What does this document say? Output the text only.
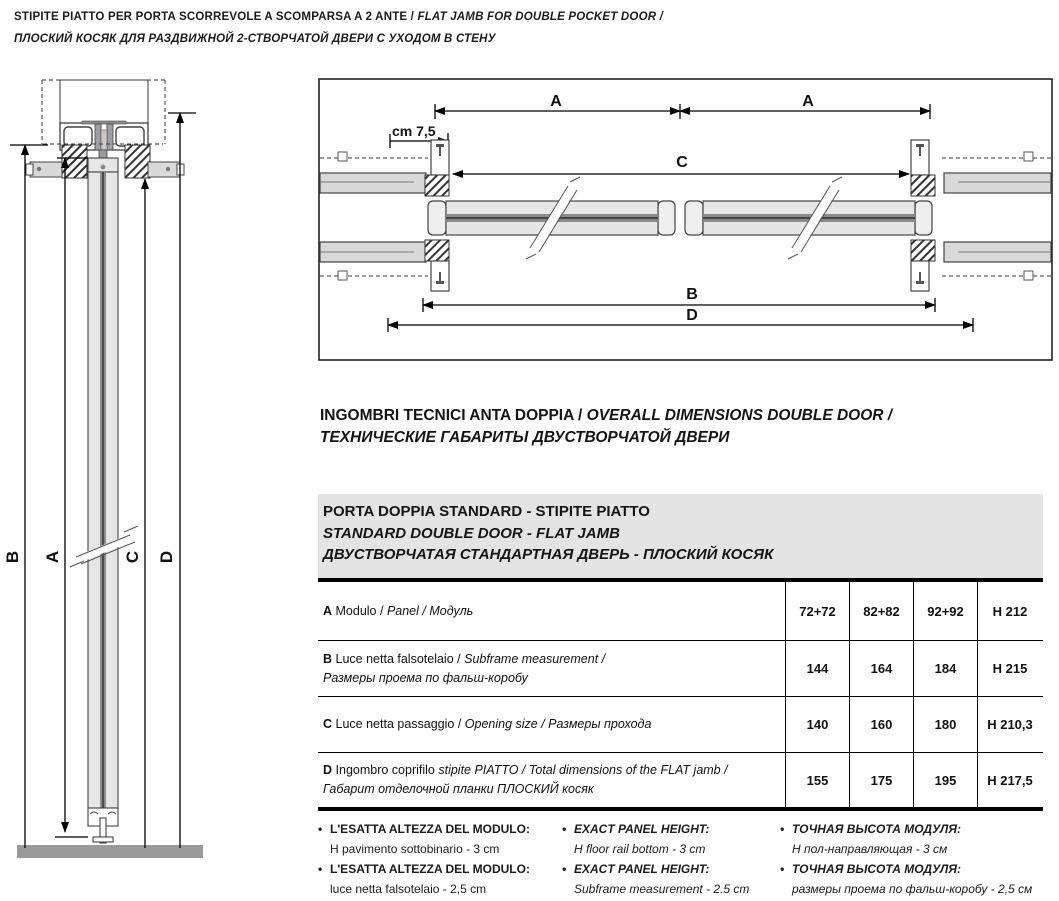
STIPITE PIATTO PER PORTA SCORREVOLE A SCOMPARSA A 2 ANTE / FLAT JAMB FOR DOUBLE POCKET DOOR /
ПЛОСКИЙ КОСЯК ДЛЯ РАЗДВИЖНОЙ 2-СТВОРЧАТОЙ ДВЕРИ С УХОДОМ В СТЕНУ
B A	C D
A	A
cm 7,5
C
B
D
INGOMBRI TECNICI ANTA DOPPIA / OVERALL DIMENSIONS DOUBLE DOOR /
ТЕХНИЧЕСКИЕ ГАБАРИТЫ ДВУСТВОРЧАТОЙ ДВЕРИ
PORTA DOPPIA STANDARD - STIPITE PIATTO
STANDARD DOUBLE DOOR - FLAT JAMB
ДВУСТВОРЧАТАЯ СТАНДАРТНАЯ ДВЕРЬ - ПЛОСКИЙ КОСЯК
A Modulo / Panel / Модуль	72+72	82+82	92+92	H 212
B Luce netta falsotelaio / Subframe measurement /
Размеры проема по фальш-коробу
144	164	184	H 215
C Luce netta passaggio / Opening size / Размеры прохода	140	160	180	H 210,3
D Ingombro coprifilo stipite PIATTO / Total dimensions of the FLAT jamb /
Габарит отделочной планки ПЛОСКИЙ косяк
155	175	195	H 217,5
• L'ESATTA ALTEZZA DEL MODULO:
H pavimento sottobinario - 3 cm
• L'ESATTA ALTEZZA DEL MODULO:
luce netta falsotelaio - 2,5 cm
• EXACT PANEL HEIGHT:
H floor rail bottom - 3 cm
• EXACT PANEL HEIGHT:
Subframe measurement - 2.5 cm
• ТОЧНАЯ ВЫСОТА МОДУЛЯ:
Н пол-направляющая - 3 см
• ТОЧНАЯ ВЫСОТА МОДУЛЯ:
размеры проема по фальш-коробу - 2,5 см
